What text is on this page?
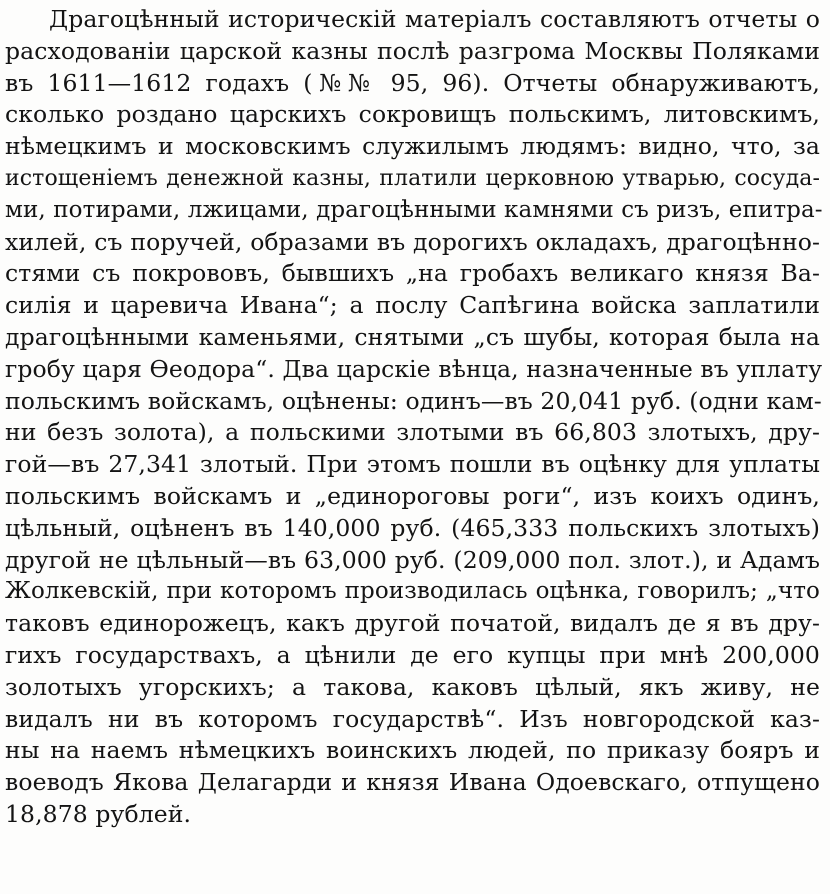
Драгоцѣнный историческій матеріалъ составляютъ отчеты о
расходованіи царской казны послѣ разгрома Москвы Поляками
въ 1611—1612 годахъ (№№ 95, 96). Отчеты обнаруживаютъ,
сколько роздано царскихъ сокровищъ польскимъ, литовскимъ,
нѣмецкимъ и московскимъ служилымъ людямъ: видно, что, за
истощеніемъ денежной казны, платили церковною утварью, сосуда-
ми, потирами, лжицами, драгоцѣнными камнями съ ризъ, епитра-
хилей, съ поручей, образами въ дорогихъ окладахъ, драгоцѣнно-
стями съ покрововъ, бывшихъ „на гробахъ великаго князя Ва-
силія и царевича Ивана“; а послу Сапѣгина войска заплатили
драгоцѣнными каменьями, снятыми „съ шубы, которая была на
гробу царя Ѳеодора“. Два царскіе вѣнца, назначенные въ уплату
польскимъ войскамъ, оцѣнены: одинъ—въ 20,041 руб. (одни кам-
ни безъ золота), а польскими злотыми въ 66,803 злотыхъ, дру-
гой—въ 27,341 злотый. При этомъ пошли въ оцѣнку для уплаты
польскимъ войскамъ и „единороговы роги“, изъ коихъ одинъ,
цѣльный, оцѣненъ въ 140,000 руб. (465,333 польскихъ злотыхъ)
другой не цѣльный—въ 63,000 руб. (209,000 пол. злот.), и Адамъ
Жолкевскій, при которомъ производилась оцѣнка, говорилъ; „что
таковъ единорожецъ, какъ другой початой, видалъ де я въ дру-
гихъ государствахъ, а цѣнили де его купцы при мнѣ 200,000
золотыхъ угорскихъ; а такова, каковъ цѣлый, якъ живу, не
видалъ ни въ которомъ государствѣ“. Изъ новгородской каз-
ны на наемъ нѣмецкихъ воинскихъ людей, по приказу бояръ и
воеводъ Якова Делагарди и князя Ивана Одоевскаго, отпущено
18,878 рублей.
